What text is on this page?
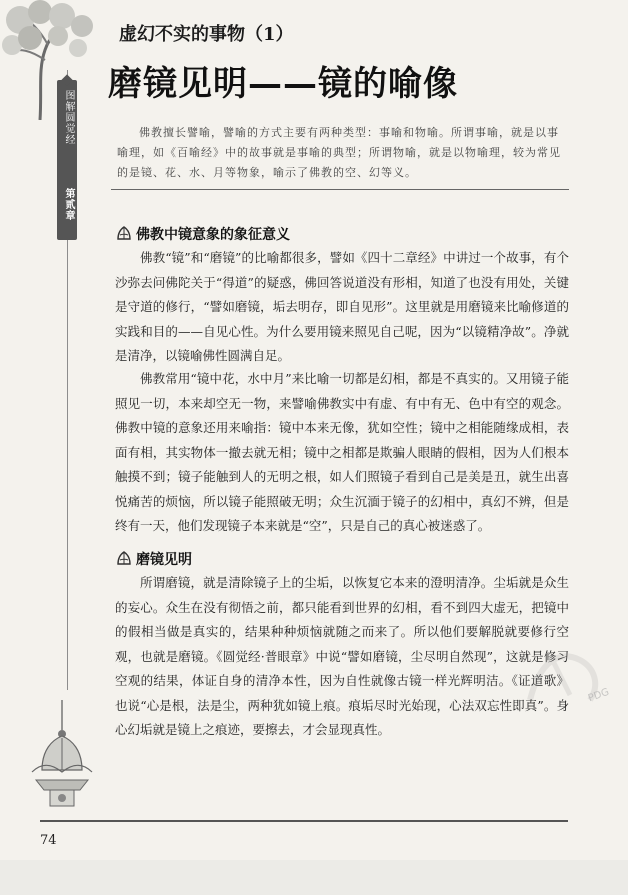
图解圆觉经
第贰章
虚幻不实的事物（1）
磨镜见明——镜的喻像
佛教擅长譬喻，譬喻的方式主要有两种类型：事喻和物喻。所谓事喻，就是以事喻理，如《百喻经》中的故事就是事喻的典型；所谓物喻，就是以物喻理，较为常见的是镜、花、水、月等物象，喻示了佛教的空、幻等义。
佛教中镜意象的象征意义
佛教“镜”和“磨镜”的比喻都很多，譬如《四十二章经》中讲过一个故事，有个沙弥去问佛陀关于“得道”的疑惑，佛回答说道没有形相，知道了也没有用处，关键是守道的修行，“譬如磨镜，垢去明存，即自见形”。这里就是用磨镜来比喻修道的实践和目的——自见心性。为什么要用镜来照见自己呢，因为“以镜精净故”。净就是清净，以镜喻佛性圆满自足。
佛教常用“镜中花，水中月”来比喻一切都是幻相，都是不真实的。又用镜子能照见一切，本来却空无一物，来譬喻佛教实中有虚、有中有无、色中有空的观念。佛教中镜的意象还用来喻指：镜中本来无像，犹如空性；镜中之相能随缘成相，表面有相，其实物体一撤去就无相；镜中之相都是欺骗人眼睛的假相，因为人们根本触摸不到；镜子能触到人的无明之根，如人们照镜子看到自己是美是丑，就生出喜悦痛苦的烦恼，所以镜子能照破无明；众生沉湎于镜子的幻相中，真幻不辨，但是终有一天，他们发现镜子本来就是“空”，只是自己的真心被迷惑了。
磨镜见明
所谓磨镜，就是清除镜子上的尘垢，以恢复它本来的澄明清净。尘垢就是众生的妄心。众生在没有彻悟之前，都只能看到世界的幻相，看不到四大虚无，把镜中的假相当做是真实的，结果种种烦恼就随之而来了。所以他们要解脱就要修行空观，也就是磨镜。《圆觉经·普眼章》中说“譬如磨镜，尘尽明自然现”，这就是修习空观的结果，体证自身的清净本性，因为自性就像古镜一样光辉明洁。《证道歌》也说“心是根，法是尘，两种犹如镜上痕。痕垢尽时光始现，心法双忘性即真”。身心幻垢就是镜上之痕迹，要擦去，才会显现真性。
PDG
74
